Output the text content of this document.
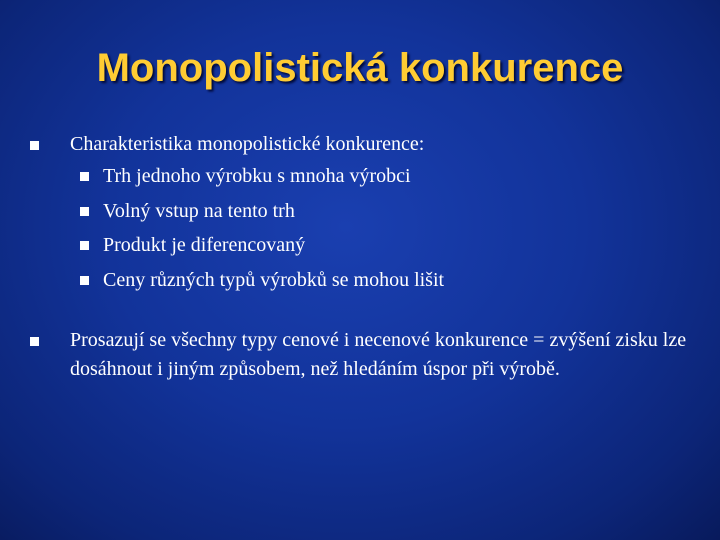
Monopolistická konkurence
Charakteristika monopolistické konkurence:
Trh jednoho výrobku s mnoha výrobci
Volný vstup na tento trh
Produkt je diferencovaný
Ceny různých typů výrobků se mohou lišit
Prosazují se všechny typy cenové i necenové konkurence = zvýšení zisku lze dosáhnout i jiným způsobem, než hledáním úspor při výrobě.
